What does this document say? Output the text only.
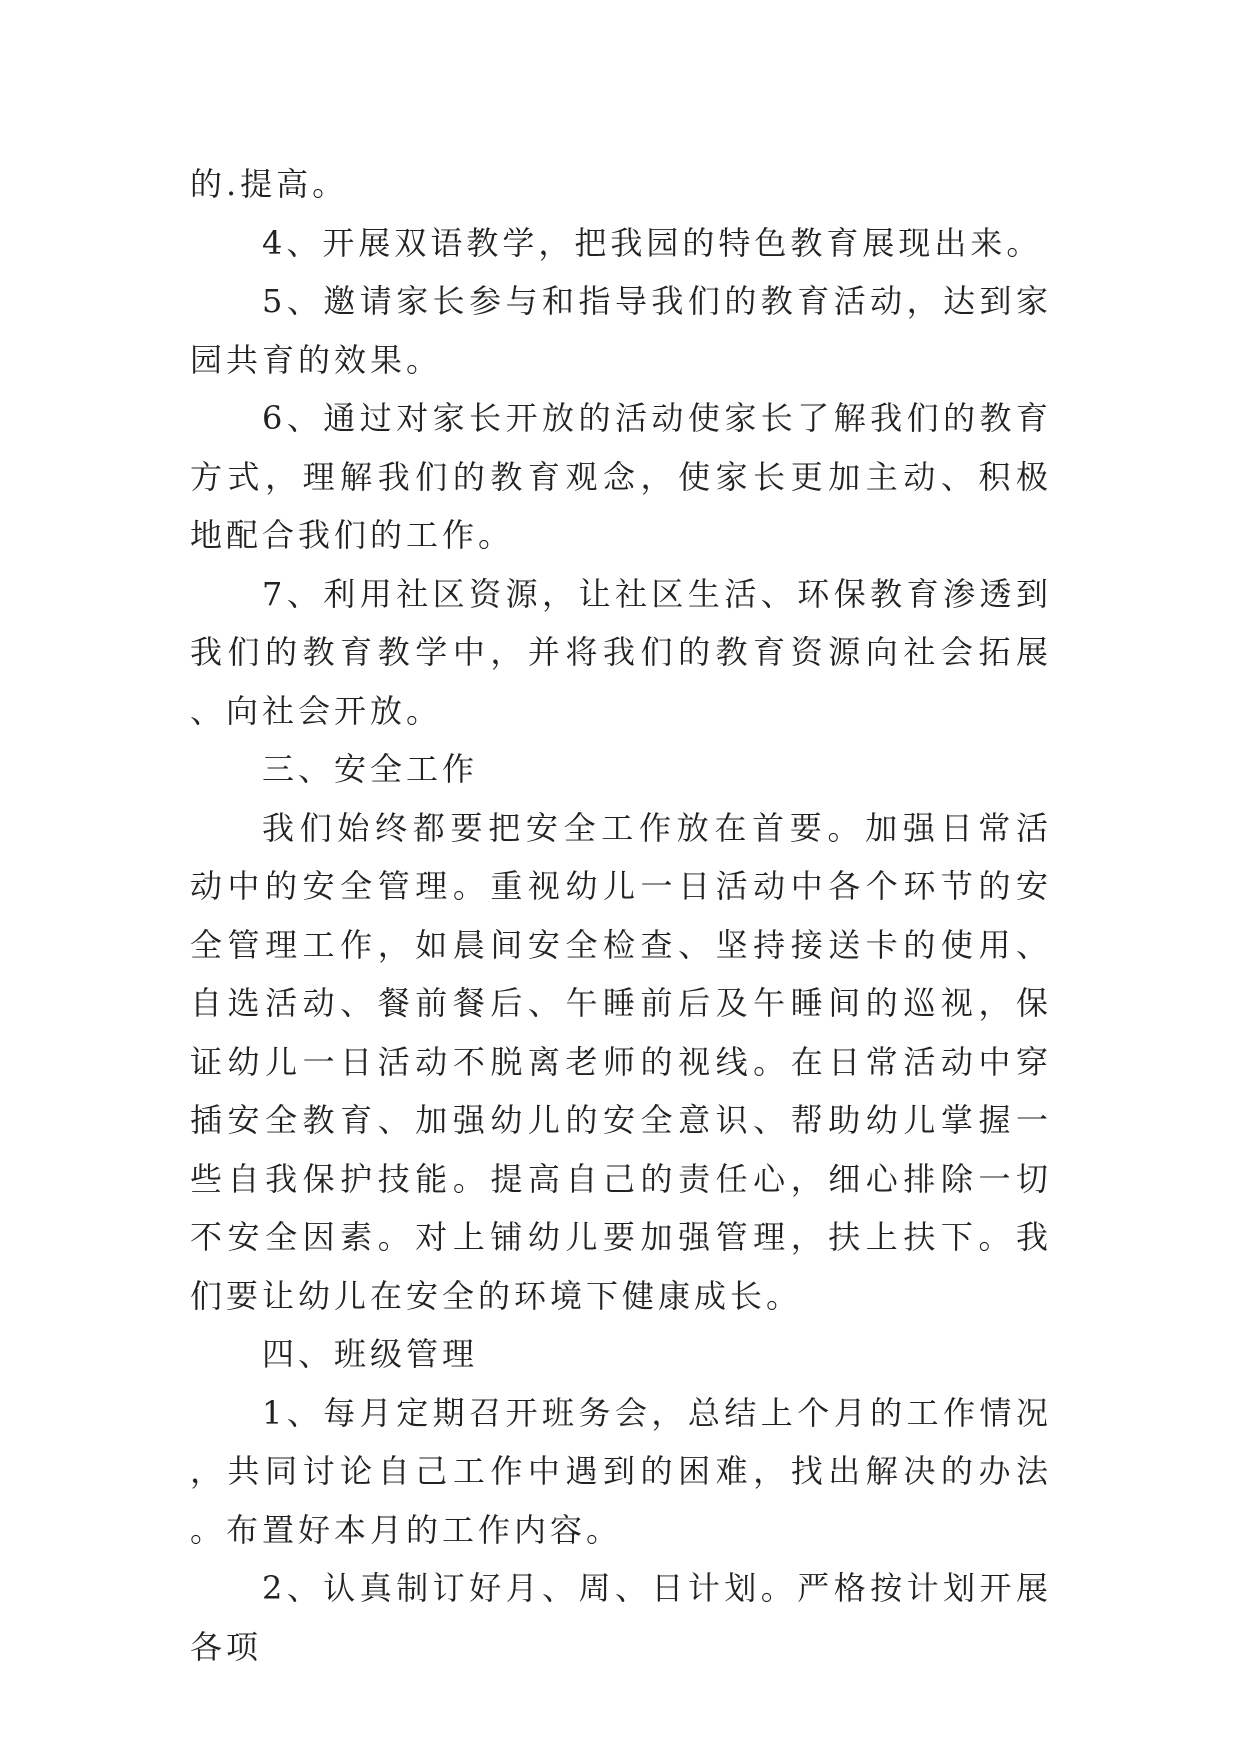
的.提高。

4、开展双语教学，把我园的特色教育展现出来。

5、邀请家长参与和指导我们的教育活动，达到家园共育的效果。

6、通过对家长开放的活动使家长了解我们的教育方式，理解我们的教育观念，使家长更加主动、积极地配合我们的工作。

7、利用社区资源，让社区生活、环保教育渗透到我们的教育教学中，并将我们的教育资源向社会拓展、向社会开放。

三、安全工作

我们始终都要把安全工作放在首要。加强日常活动中的安全管理。重视幼儿一日活动中各个环节的安全管理工作，如晨间安全检查、坚持接送卡的使用、自选活动、餐前餐后、午睡前后及午睡间的巡视，保证幼儿一日活动不脱离老师的视线。在日常活动中穿插安全教育、加强幼儿的安全意识、帮助幼儿掌握一些自我保护技能。提高自己的责任心，细心排除一切不安全因素。对上铺幼儿要加强管理，扶上扶下。我们要让幼儿在安全的环境下健康成长。

四、班级管理

1、每月定期召开班务会，总结上个月的工作情况，共同讨论自己工作中遇到的困难，找出解决的办法。布置好本月的工作内容。

2、认真制订好月、周、日计划。严格按计划开展各项
